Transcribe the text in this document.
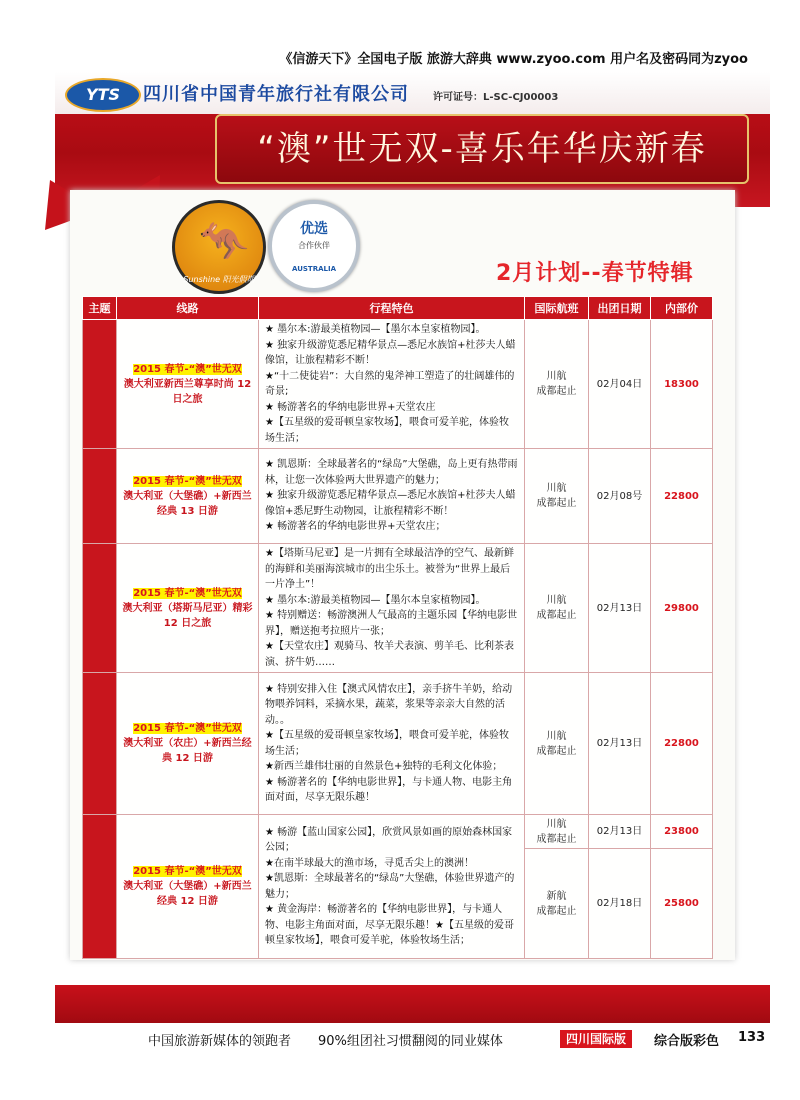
《信游天下》全国电子版 旅游大辞典 www.zyoo.com 用户名及密码同为zyoo
YTS	四川省中国青年旅行社有限公司 许可证号：L-SC-CJ00003
“澳”世无双-喜乐年华庆新春
🦘
Sunshine 阳光假期
优选
合作伙伴
AUSTRALIA	2月计划--春节特辑
主题	线路	行程特色	国际航班	出团日期	内部价
	2015 春节-“澳”世无双
澳大利亚新西兰尊享时尚 12 日之旅	★ 墨尔本:游最美植物园—【墨尔本皇家植物园】。
★ 独家升级游览悉尼精华景点—悉尼水族馆+杜莎夫人蜡像馆，让旅程精彩不断！
★“十二使徒岩”：大自然的鬼斧神工塑造了的壮阔雄伟的奇景;
★ 畅游著名的华纳电影世界+天堂农庄
★【五星级的爱哥顿皇家牧场】，喂食可爱羊驼，体验牧场生活；	川航
成都起止	02月04日	18300
	2015 春节-“澳”世无双
澳大利亚（大堡礁）+新西兰经典 13 日游	★ 凯恩斯：全球最著名的“绿岛”大堡礁，岛上更有热带雨林，让您一次体验两大世界遗产的魅力；
★ 独家升级游览悉尼精华景点—悉尼水族馆+杜莎夫人蜡像馆+悉尼野生动物园，让旅程精彩不断！
★ 畅游著名的华纳电影世界+天堂农庄；	川航
成都起止	02月08号	22800
	2015 春节-“澳”世无双
澳大利亚（塔斯马尼亚）精彩 12 日之旅	★【塔斯马尼亚】是一片拥有全球最洁净的空气、最新鲜的海鲜和美丽海滨城市的出尘乐土。被誉为“世界上最后一片净土”！
★ 墨尔本:游最美植物园—【墨尔本皇家植物园】。
★ 特别赠送：畅游澳洲人气最高的主题乐园【华纳电影世界】，赠送抱考拉照片一张；
★【天堂农庄】观骑马、牧羊犬表演、剪羊毛、比利茶表演、挤牛奶……	川航
成都起止	02月13日	29800
	2015 春节-“澳”世无双
澳大利亚（农庄）+新西兰经典 12 日游	★ 特别安排入住【澳式风情农庄】，亲手挤牛羊奶，给动物喂养饲料，采摘水果，蔬菜，浆果等亲亲大自然的活动。。
★【五星级的爱哥顿皇家牧场】，喂食可爱羊驼，体验牧场生活；
★新西兰雄伟壮丽的自然景色+独特的毛利文化体验；
★ 畅游著名的【华纳电影世界】，与卡通人物、电影主角面对面，尽享无限乐趣！	川航
成都起止	02月13日	22800
	2015 春节-“澳”世无双
澳大利亚（大堡礁）+新西兰经典 12 日游	★ 畅游【蓝山国家公园】，欣赏风景如画的原始森林国家公园；
★在南半球最大的渔市场，寻觅舌尖上的澳洲！
★凯恩斯：全球最著名的“绿岛”大堡礁，体验世界遗产的魅力；
★ 黄金海岸：畅游著名的【华纳电影世界】，与卡通人物、电影主角面对面，尽享无限乐趣！★【五星级的爱哥顿皇家牧场】，喂食可爱羊驼，体验牧场生活；	川航
成都起止	02月13日	23800
			新航
成都起止	02月18日	25800
中国旅游新媒体的领跑者 90%组团社习惯翻阅的同业媒体	四川国际版	综合版彩色 133
